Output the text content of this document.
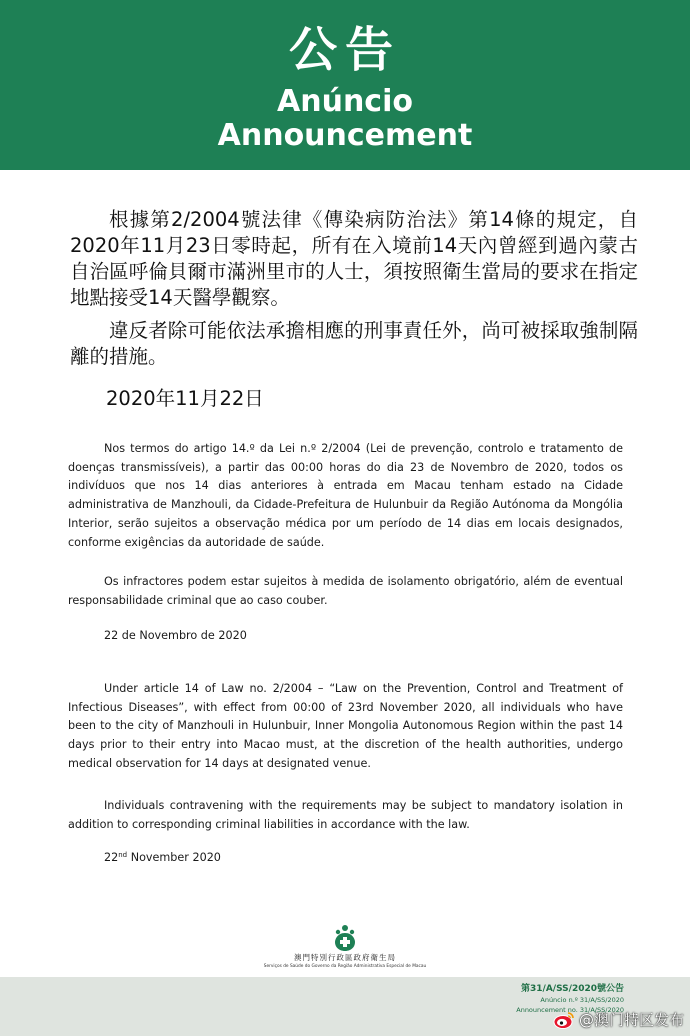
公告
Anúncio
Announcement
根據第2/2004號法律《傳染病防治法》第14條的規定，自2020年11月23日零時起，所有在入境前14天內曾經到過內蒙古自治區呼倫貝爾市滿洲里市的人士，須按照衛生當局的要求在指定地點接受14天醫學觀察。
違反者除可能依法承擔相應的刑事責任外，尚可被採取強制隔離的措施。
2020年11月22日
Nos termos do artigo 14.º da Lei n.º 2/2004 (Lei de prevenção, controlo e tratamento de doenças transmissíveis), a partir das 00:00 horas do dia 23 de Novembro de 2020, todos os indivíduos que nos 14 dias anteriores à entrada em Macau tenham estado na Cidade administrativa de Manzhouli, da Cidade-Prefeitura de Hulunbuir da Região Autónoma da Mongólia Interior, serão sujeitos a observação médica por um período de 14 dias em locais designados, conforme exigências da autoridade de saúde.
Os infractores podem estar sujeitos à medida de isolamento obrigatório, além de eventual responsabilidade criminal que ao caso couber.
22 de Novembro de 2020
Under article 14 of Law no. 2/2004 – “Law on the Prevention, Control and Treatment of Infectious Diseases”, with effect from 00:00 of 23rd November 2020, all individuals who have been to the city of Manzhouli in Hulunbuir, Inner Mongolia Autonomous Region within the past 14 days prior to their entry into Macao must, at the discretion of the health authorities, undergo medical observation for 14 days at designated venue.
Individuals contravening with the requirements may be subject to mandatory isolation in addition to corresponding criminal liabilities in accordance with the law.
22nd November 2020
澳門特別行政區政府衛生局
Serviços de Saúde do Governo da Região Administrativa Especial de Macau
第31/A/SS/2020號公告
Anúncio n.º 31/A/SS/2020
Announcement no. 31/A/SS/2020
@澳门特区发布
